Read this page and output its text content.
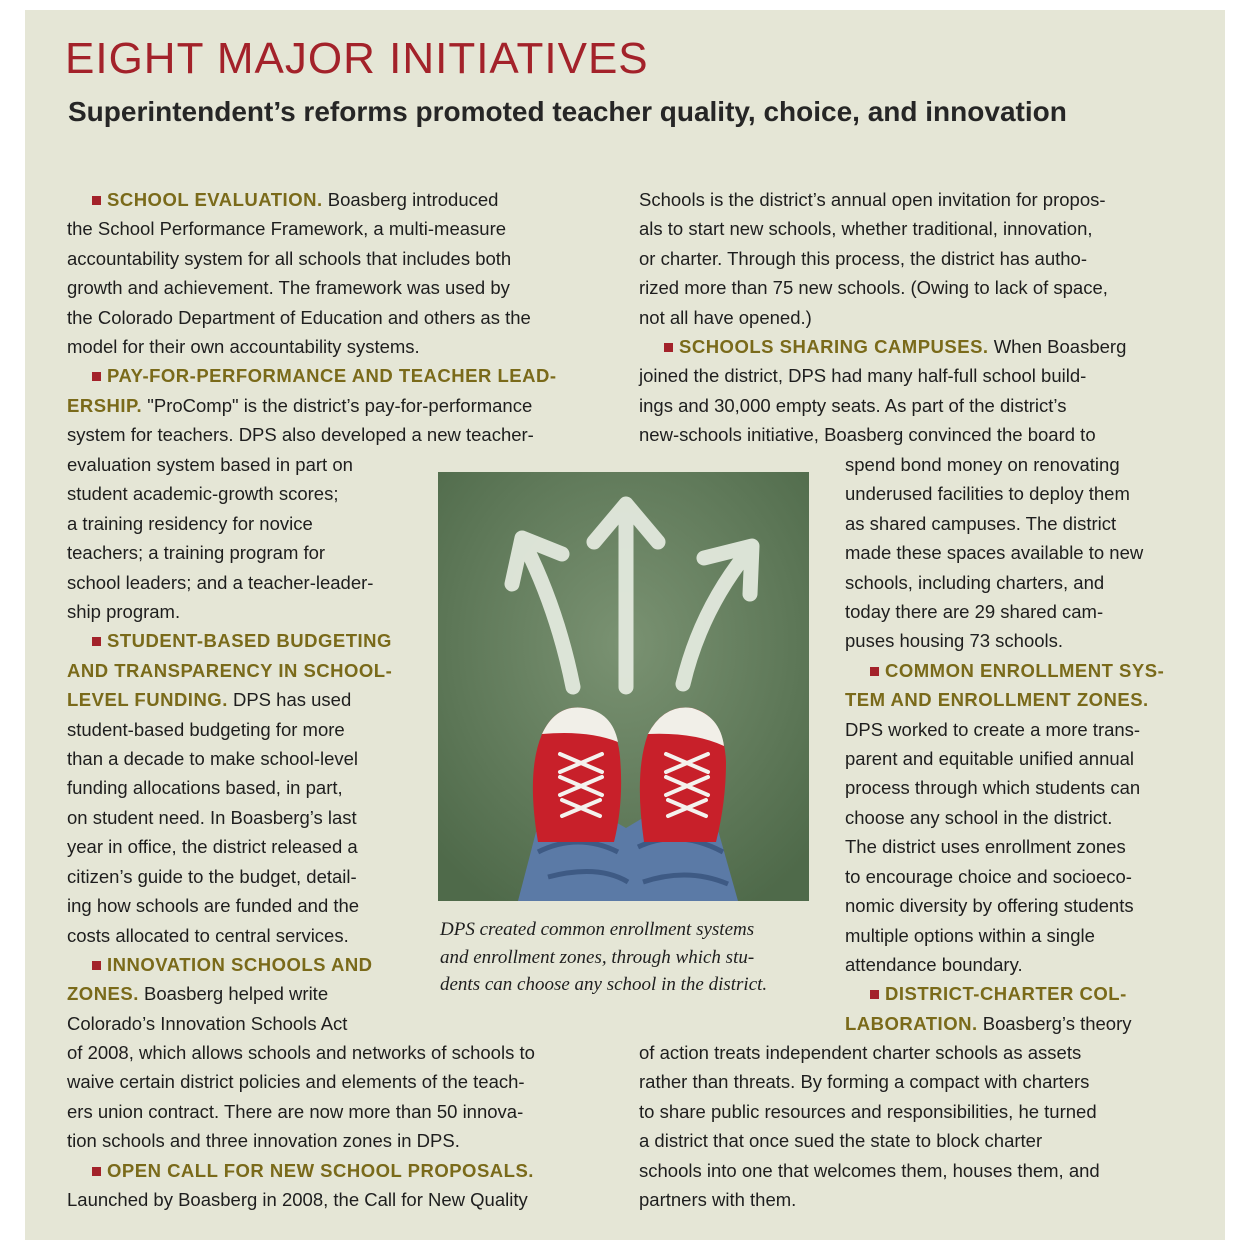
EIGHT MAJOR INITIATIVES
Superintendent’s reforms promoted teacher quality, choice, and innovation

SCHOOL EVALUATION. Boasberg introduced
the School Performance Framework, a multi-measure
accountability system for all schools that includes both
growth and achievement. The framework was used by
the Colorado Department of Education and others as the
model for their own accountability systems.

PAY-FOR-PERFORMANCE AND TEACHER LEAD-
ERSHIP. "ProComp" is the district’s pay-for-performance
system for teachers. DPS also developed a new teacher-

evaluation system based in part on
student academic-growth scores;
a training residency for novice
teachers; a training program for
school leaders; and a teacher-leader-
ship program.

STUDENT-BASED BUDGETING
AND TRANSPARENCY IN SCHOOL-
LEVEL FUNDING. DPS has used
student-based budgeting for more
than a decade to make school-level
funding allocations based, in part,
on student need. In Boasberg’s last
year in office, the district released a
citizen’s guide to the budget, detail-
ing how schools are funded and the
costs allocated to central services.

INNOVATION SCHOOLS AND
ZONES. Boasberg helped write
Colorado’s Innovation Schools Act

of 2008, which allows schools and networks of schools to
waive certain district policies and elements of the teach-
ers union contract. There are now more than 50 innova-
tion schools and three innovation zones in DPS.

OPEN CALL FOR NEW SCHOOL PROPOSALS.
Launched by Boasberg in 2008, the Call for New Quality

Schools is the district’s annual open invitation for propos-
als to start new schools, whether traditional, innovation,
or charter. Through this process, the district has autho-
rized more than 75 new schools. (Owing to lack of space,
not all have opened.)

SCHOOLS SHARING CAMPUSES. When Boasberg
joined the district, DPS had many half-full school build-
ings and 30,000 empty seats. As part of the district’s
new-schools initiative, Boasberg convinced the board to

spend bond money on renovating
underused facilities to deploy them
as shared campuses. The district
made these spaces available to new
schools, including charters, and
today there are 29 shared cam-
puses housing 73 schools.

COMMON ENROLLMENT SYS-
TEM AND ENROLLMENT ZONES.
DPS worked to create a more trans-
parent and equitable unified annual
process through which students can
choose any school in the district.
The district uses enrollment zones
to encourage choice and socioeco-
nomic diversity by offering students
multiple options within a single
attendance boundary.

DISTRICT-CHARTER COL-
LABORATION. Boasberg’s theory

of action treats independent charter schools as assets
rather than threats. By forming a compact with charters
to share public resources and responsibilities, he turned
a district that once sued the state to block charter
schools into one that welcomes them, houses them, and
partners with them.

DPS created common enrollment systems
and enrollment zones, through which stu-
dents can choose any school in the district.
